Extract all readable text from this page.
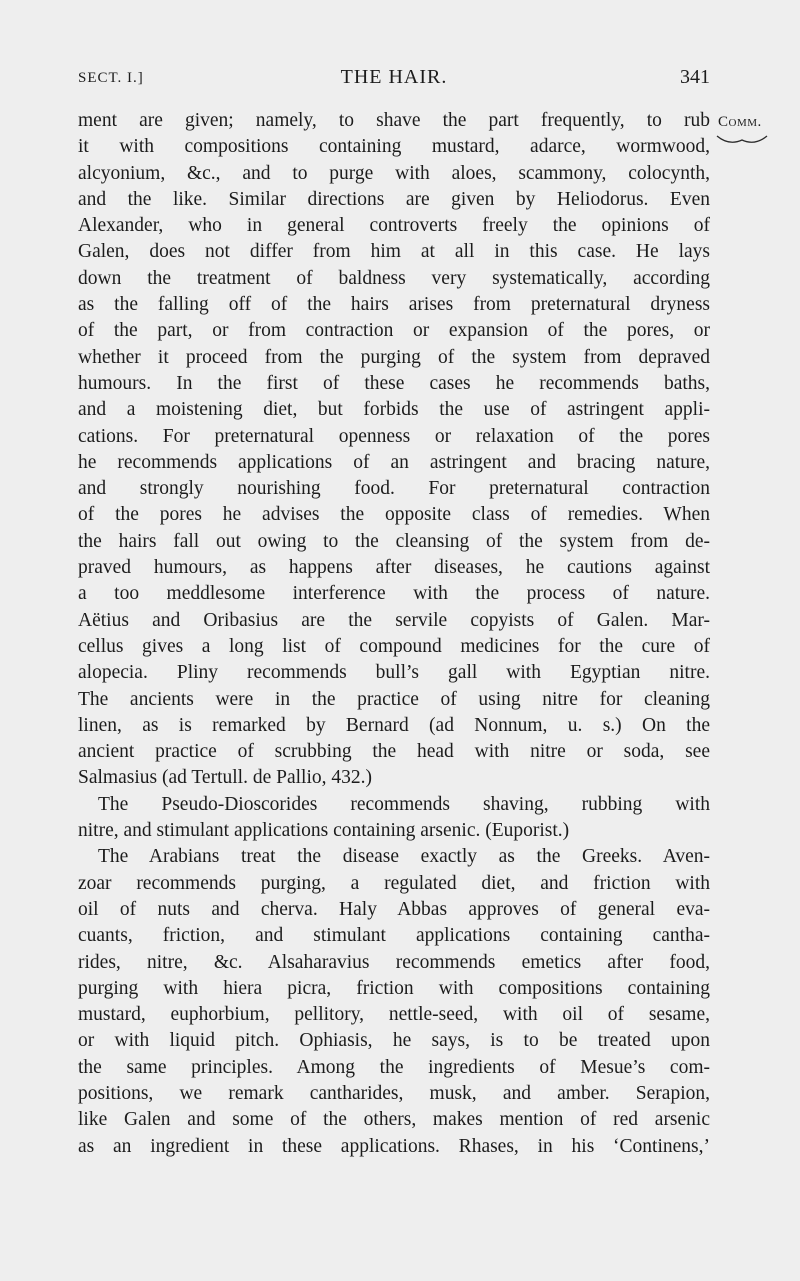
SECT. I.]	THE HAIR.	341
Comm.
ment are given; namely, to shave the part frequently, to rub
it with compositions containing mustard, adarce, wormwood,
alcyonium, &c., and to purge with aloes, scammony, colocynth,
and the like. Similar directions are given by Heliodorus. Even
Alexander, who in general controverts freely the opinions of
Galen, does not differ from him at all in this case. He lays
down the treatment of baldness very systematically, according
as the falling off of the hairs arises from preternatural dryness
of the part, or from contraction or expansion of the pores, or
whether it proceed from the purging of the system from depraved
humours. In the first of these cases he recommends baths,
and a moistening diet, but forbids the use of astringent appli-
cations. For preternatural openness or relaxation of the pores
he recommends applications of an astringent and bracing nature,
and strongly nourishing food. For preternatural contraction
of the pores he advises the opposite class of remedies. When
the hairs fall out owing to the cleansing of the system from de-
praved humours, as happens after diseases, he cautions against
a too meddlesome interference with the process of nature.
Aëtius and Oribasius are the servile copyists of Galen. Mar-
cellus gives a long list of compound medicines for the cure of
alopecia. Pliny recommends bull’s gall with Egyptian nitre.
The ancients were in the practice of using nitre for cleaning
linen, as is remarked by Bernard (ad Nonnum, u. s.) On the
ancient practice of scrubbing the head with nitre or soda, see
Salmasius (ad Tertull. de Pallio, 432.)
The Pseudo-Dioscorides recommends shaving, rubbing with
nitre, and stimulant applications containing arsenic. (Euporist.)
The Arabians treat the disease exactly as the Greeks. Aven-
zoar recommends purging, a regulated diet, and friction with
oil of nuts and cherva. Haly Abbas approves of general eva-
cuants, friction, and stimulant applications containing cantha-
rides, nitre, &c. Alsaharavius recommends emetics after food,
purging with hiera picra, friction with compositions containing
mustard, euphorbium, pellitory, nettle-seed, with oil of sesame,
or with liquid pitch. Ophiasis, he says, is to be treated upon
the same principles. Among the ingredients of Mesue’s com-
positions, we remark cantharides, musk, and amber. Serapion,
like Galen and some of the others, makes mention of red arsenic
as an ingredient in these applications. Rhases, in his ‘Continens,’
